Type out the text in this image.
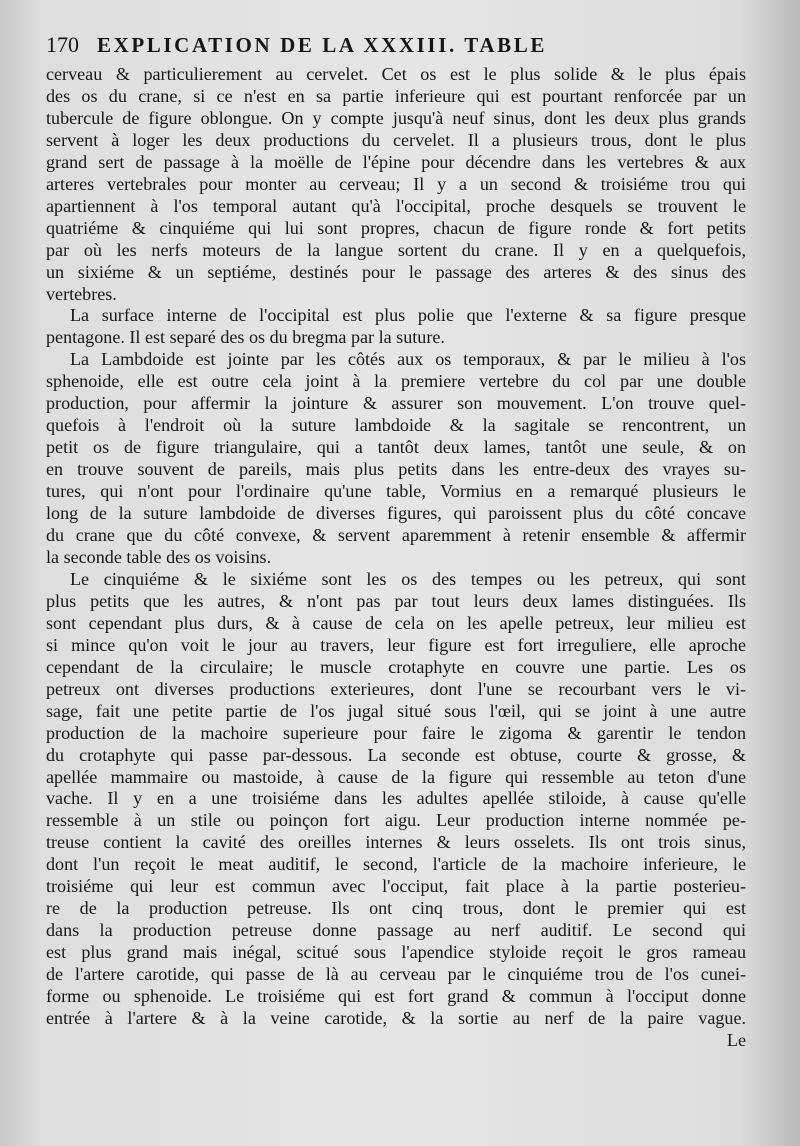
170 EXPLICATION DE LA XXXIII. TABLE
cerveau & particulierement au cervelet. Cet os est le plus solide & le plus épais
des os du crane, si ce n'est en sa partie inferieure qui est pourtant renforcée par un
tubercule de figure oblongue. On y compte jusqu'à neuf sinus, dont les deux plus grands
servent à loger les deux productions du cervelet. Il a plusieurs trous, dont le plus
grand sert de passage à la moëlle de l'épine pour décendre dans les vertebres & aux
arteres vertebrales pour monter au cerveau; Il y a un second & troisiéme trou qui
apartiennent à l'os temporal autant qu'à l'occipital, proche desquels se trouvent le
quatriéme & cinquiéme qui lui sont propres, chacun de figure ronde & fort petits
par où les nerfs moteurs de la langue sortent du crane. Il y en a quelquefois,
un sixiéme & un septiéme, destinés pour le passage des arteres & des sinus des
vertebres.
La surface interne de l'occipital est plus polie que l'externe & sa figure presque
pentagone. Il est separé des os du bregma par la suture.
La Lambdoide est jointe par les côtés aux os temporaux, & par le milieu à l'os
sphenoide, elle est outre cela joint à la premiere vertebre du col par une double
production, pour affermir la jointure & assurer son mouvement. L'on trouve quel-
quefois à l'endroit où la suture lambdoide & la sagitale se rencontrent, un
petit os de figure triangulaire, qui a tantôt deux lames, tantôt une seule, & on
en trouve souvent de pareils, mais plus petits dans les entre-deux des vrayes su-
tures, qui n'ont pour l'ordinaire qu'une table, Vormius en a remarqué plusieurs le
long de la suture lambdoide de diverses figures, qui paroissent plus du côté concave
du crane que du côté convexe, & servent aparemment à retenir ensemble & affermir
la seconde table des os voisins.
Le cinquiéme & le sixiéme sont les os des tempes ou les petreux, qui sont
plus petits que les autres, & n'ont pas par tout leurs deux lames distinguées. Ils
sont cependant plus durs, & à cause de cela on les apelle petreux, leur milieu est
si mince qu'on voit le jour au travers, leur figure est fort irreguliere, elle aproche
cependant de la circulaire; le muscle crotaphyte en couvre une partie. Les os
petreux ont diverses productions exterieures, dont l'une se recourbant vers le vi-
sage, fait une petite partie de l'os jugal situé sous l'œil, qui se joint à une autre
production de la machoire superieure pour faire le zigoma & garentir le tendon
du crotaphyte qui passe par-dessous. La seconde est obtuse, courte & grosse, &
apellée mammaire ou mastoide, à cause de la figure qui ressemble au teton d'une
vache. Il y en a une troisiéme dans les adultes apellée stiloide, à cause qu'elle
ressemble à un stile ou poinçon fort aigu. Leur production interne nommée pe-
treuse contient la cavité des oreilles internes & leurs osselets. Ils ont trois sinus,
dont l'un reçoit le meat auditif, le second, l'article de la machoire inferieure, le
troisiéme qui leur est commun avec l'occiput, fait place à la partie posterieu-
re de la production petreuse. Ils ont cinq trous, dont le premier qui est
dans la production petreuse donne passage au nerf auditif. Le second qui
est plus grand mais inégal, scitué sous l'apendice styloide reçoit le gros rameau
de l'artere carotide, qui passe de là au cerveau par le cinquiéme trou de l'os cunei-
forme ou sphenoide. Le troisiéme qui est fort grand & commun à l'occiput donne
entrée à l'artere & à la veine carotide, & la sortie au nerf de la paire vague.
Le
